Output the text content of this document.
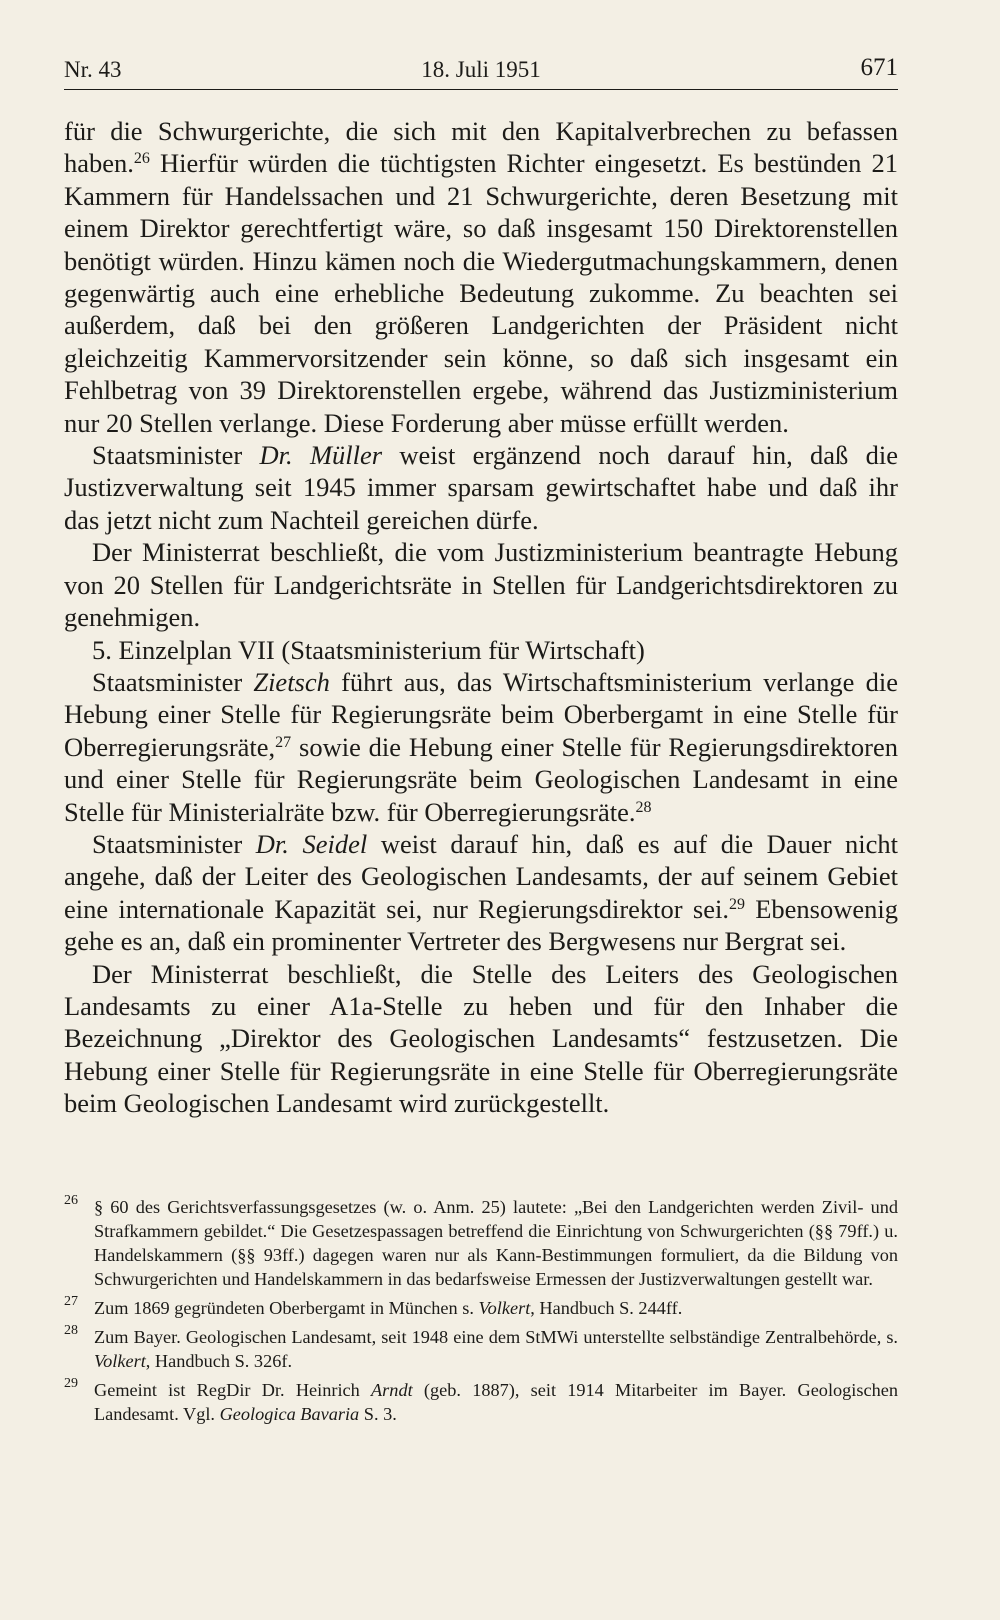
Nr. 43	18. Juli 1951	671

für die Schwurgerichte, die sich mit den Kapitalverbrechen zu befassen haben.$^{26}$ Hierfür würden die tüchtigsten Richter eingesetzt. Es bestünden 21 Kammern für Handelssachen und 21 Schwurgerichte, deren Besetzung mit einem Direktor gerechtfertigt wäre, so daß insgesamt 150 Direktorenstellen benötigt würden. Hinzu kämen noch die Wiedergutmachungskammern, denen gegenwärtig auch eine erhebliche Bedeutung zukomme. Zu beachten sei außerdem, daß bei den größeren Landgerichten der Präsident nicht gleichzeitig Kammervorsitzender sein könne, so daß sich insgesamt ein Fehlbetrag von 39 Direktorenstellen ergebe, während das Justizministerium nur 20 Stellen verlange. Diese Forderung aber müsse erfüllt werden.

Staatsminister Dr. Müller weist ergänzend noch darauf hin, daß die Justizverwaltung seit 1945 immer sparsam gewirtschaftet habe und daß ihr das jetzt nicht zum Nachteil gereichen dürfe.

Der Ministerrat beschließt, die vom Justizministerium beantragte Hebung von 20 Stellen für Landgerichtsräte in Stellen für Landgerichtsdirektoren zu genehmigen.

5. Einzelplan VII (Staatsministerium für Wirtschaft)

Staatsminister Zietsch führt aus, das Wirtschaftsministerium verlange die Hebung einer Stelle für Regierungsräte beim Oberbergamt in eine Stelle für Oberregierungsräte,$^{27}$ sowie die Hebung einer Stelle für Regierungsdirektoren und einer Stelle für Regierungsräte beim Geologischen Landesamt in eine Stelle für Ministerialräte bzw. für Oberregierungsräte.$^{28}$

Staatsminister Dr. Seidel weist darauf hin, daß es auf die Dauer nicht angehe, daß der Leiter des Geologischen Landesamts, der auf seinem Gebiet eine internationale Kapazität sei, nur Regierungsdirektor sei.$^{29}$ Ebensowenig gehe es an, daß ein prominenter Vertreter des Bergwesens nur Bergrat sei.

Der Ministerrat beschließt, die Stelle des Leiters des Geologischen Landesamts zu einer A1a-Stelle zu heben und für den Inhaber die Bezeichnung „Direktor des Geologischen Landesamts“ festzusetzen. Die Hebung einer Stelle für Regierungsräte in eine Stelle für Oberregierungsräte beim Geologischen Landesamt wird zurückgestellt.

26 § 60 des Gerichtsverfassungsgesetzes (w. o. Anm. 25) lautete: „Bei den Landgerichten werden Zivil- und Strafkammern gebildet.“ Die Gesetzespassagen betreffend die Einrichtung von Schwurgerichten (§§ 79ff.) u. Handelskammern (§§ 93ff.) dagegen waren nur als Kann-Bestimmungen formuliert, da die Bildung von Schwurgerichten und Handelskammern in das bedarfsweise Ermessen der Justizverwaltungen gestellt war.
27 Zum 1869 gegründeten Oberbergamt in München s. Volkert, Handbuch S. 244ff.
28 Zum Bayer. Geologischen Landesamt, seit 1948 eine dem StMWi unterstellte selbständige Zentralbehörde, s. Volkert, Handbuch S. 326f.
29 Gemeint ist RegDir Dr. Heinrich Arndt (geb. 1887), seit 1914 Mitarbeiter im Bayer. Geologischen Landesamt. Vgl. Geologica Bavaria S. 3.
